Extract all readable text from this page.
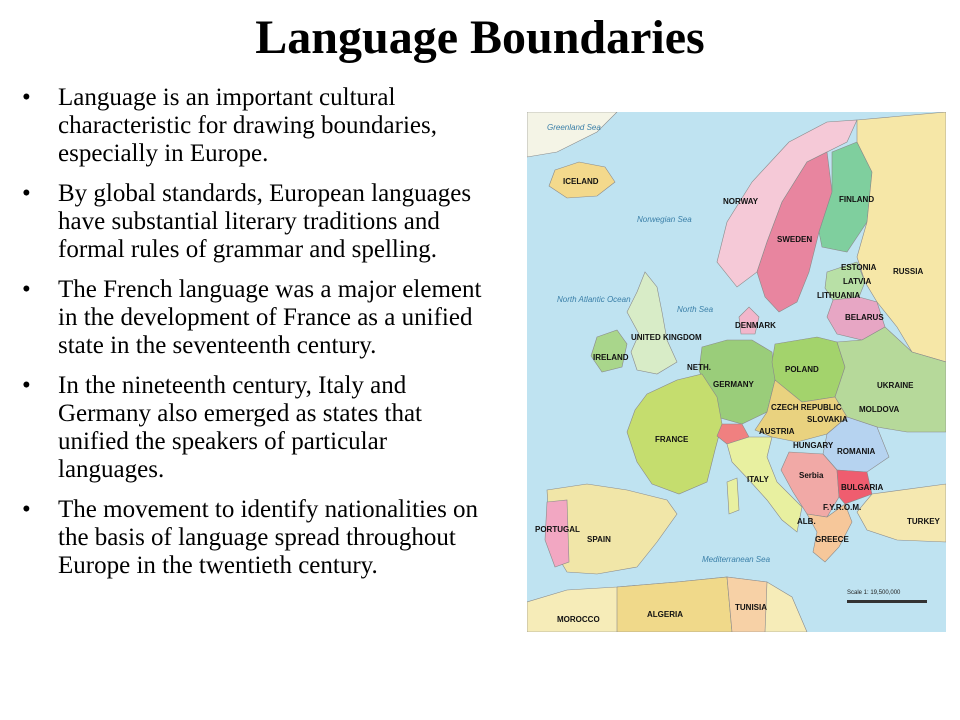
Language Boundaries
• Language is an important cultural characteristic for drawing boundaries, especially in Europe.
• By global standards, European languages have substantial literary traditions and formal rules of grammar and spelling.
• The French language was a major element in the development of France as a unified state in the seventeenth century.
• In the nineteenth century, Italy and Germany also emerged as states that unified the speakers of particular languages.
• The movement to identify nationalities on the basis of language spread throughout Europe in the twentieth century.
Greenland Sea
Norwegian Sea
North Atlantic Ocean
North Sea
Mediterranean Sea
ICELAND
NORWAY
SWEDEN
FINLAND
RUSSIA
ESTONIA
LATVIA
LITHUANIA
BELARUS
DENMARK
UNITED KINGDOM
IRELAND
POLAND
GERMANY	UKRAINE
CZECH REPUBLIC
SLOVAKIA
MOLDOVA
FRANCE
AUSTRIA
HUNGARY
ROMANIA
Serbia
BULGARIA
ITALY
PORTUGAL
SPAIN	GREECE
TURKEY
ALGERIA
TUNISIA
MOROCCO
NETH.
F.Y.R.O.M.
ALB.
Scale 1: 19,500,000
